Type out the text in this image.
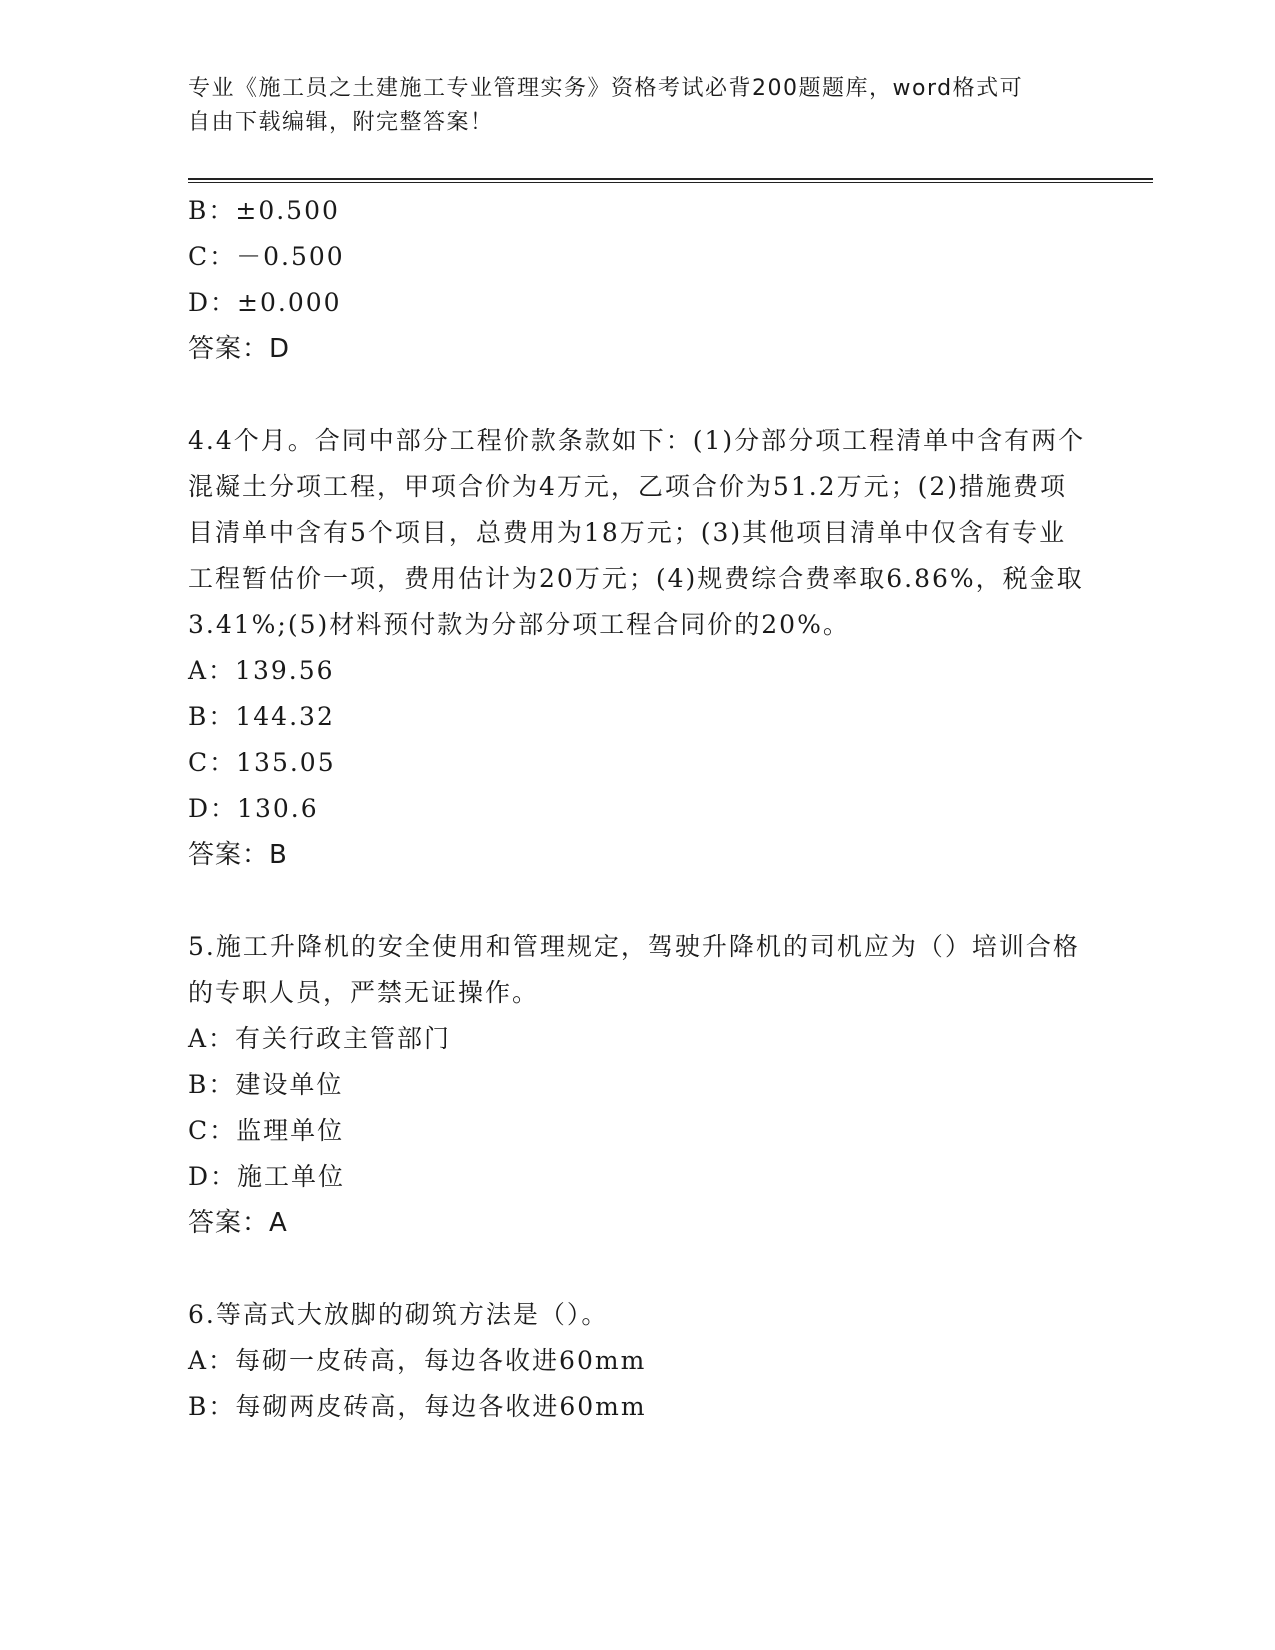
专业《施工员之土建施工专业管理实务》资格考试必背200题题库，word格式可
自由下载编辑，附完整答案！
B：±0.500
C：－0.500
D：±0.000
答案：D
4.4个月。合同中部分工程价款条款如下：(1)分部分项工程清单中含有两个混凝土分项工程，甲项合价为4万元，乙项合价为51.2万元；(2)措施费项目清单中含有5个项目，总费用为18万元；(3)其他项目清单中仅含有专业工程暂估价一项，费用估计为20万元；(4)规费综合费率取6.86%，税金取3.41%;(5)材料预付款为分部分项工程合同价的20%。
A：139.56
B：144.32
C：135.05
D：130.6
答案：B
5.施工升降机的安全使用和管理规定，驾驶升降机的司机应为（）培训合格的专职人员，严禁无证操作。
A：有关行政主管部门
B：建设单位
C：监理单位
D：施工单位
答案：A
6.等高式大放脚的砌筑方法是（）。
A：每砌一皮砖高，每边各收进60mm
B：每砌两皮砖高，每边各收进60mm
